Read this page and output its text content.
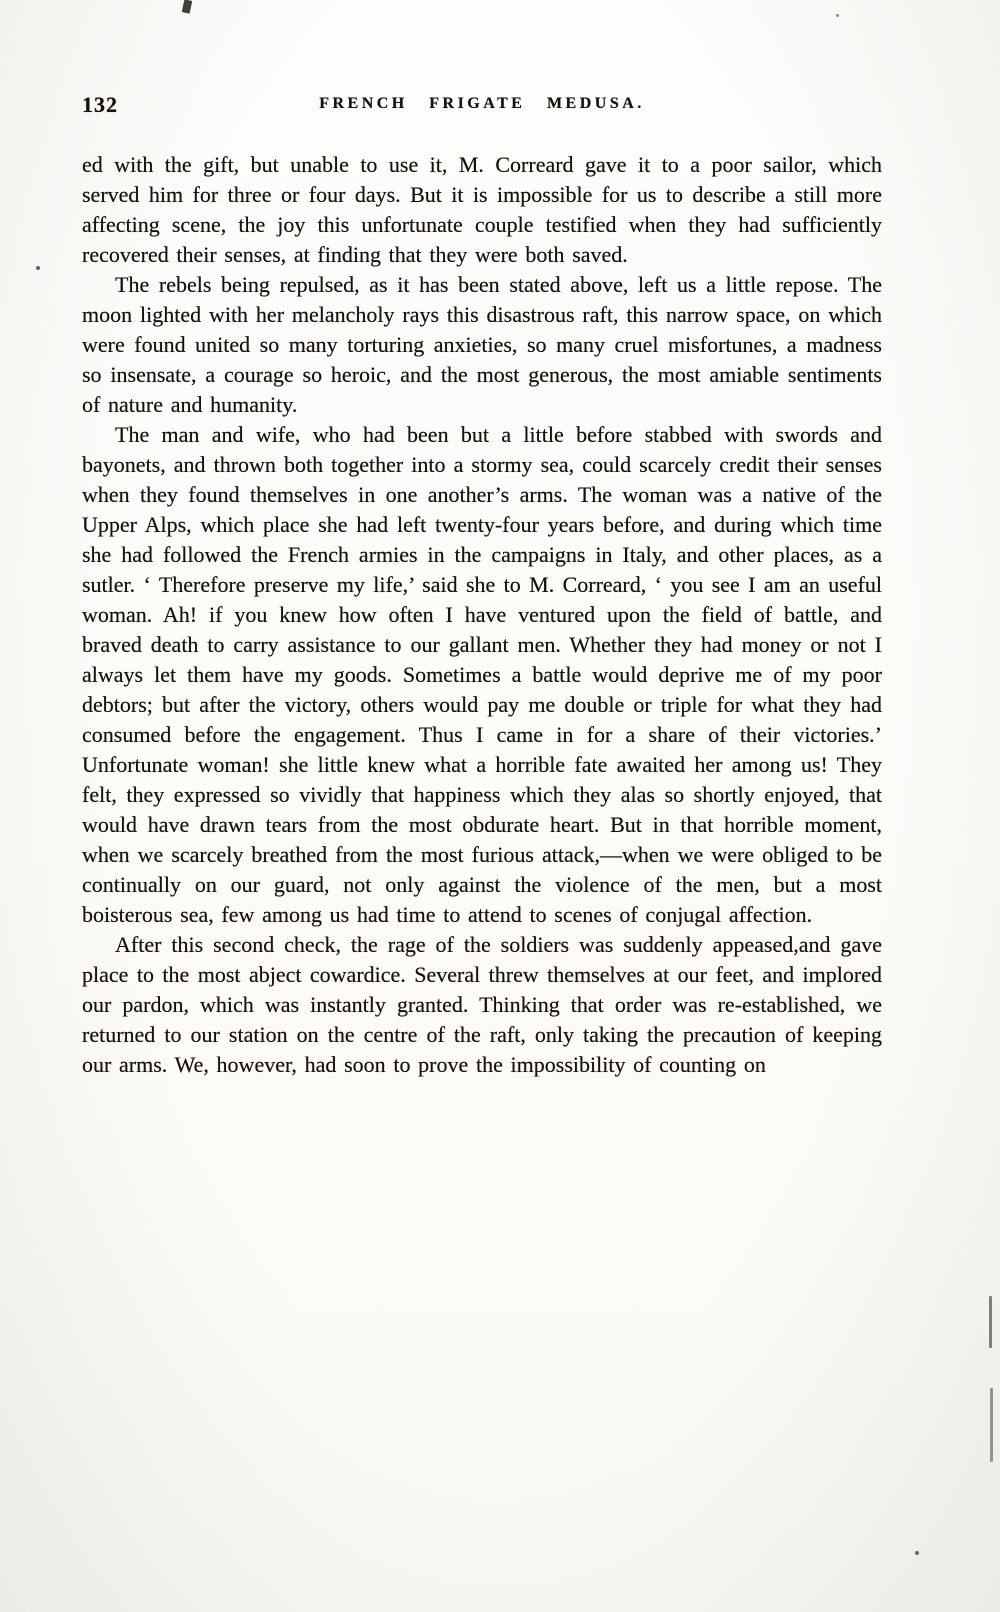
132	FRENCH FRIGATE MEDUSA.

ed with the gift, but unable to use it, M. Correard gave it to a poor sailor, which served him for three or four days. But it is impossible for us to describe a still more affecting scene, the joy this unfortunate couple testified when they had sufficiently recovered their senses, at finding that they were both saved.

The rebels being repulsed, as it has been stated above, left us a little repose. The moon lighted with her melancholy rays this disastrous raft, this narrow space, on which were found united so many torturing anxieties, so many cruel misfortunes, a madness so insensate, a courage so heroic, and the most generous, the most amiable sentiments of nature and humanity.

The man and wife, who had been but a little before stabbed with swords and bayonets, and thrown both together into a stormy sea, could scarcely credit their senses when they found themselves in one another’s arms. The woman was a native of the Upper Alps, which place she had left twenty-four years before, and during which time she had followed the French armies in the campaigns in Italy, and other places, as a sutler. ‘ Therefore preserve my life,’ said she to M. Correard, ‘ you see I am an useful woman. Ah! if you knew how often I have ventured upon the field of battle, and braved death to carry assistance to our gallant men. Whether they had money or not I always let them have my goods. Sometimes a battle would deprive me of my poor debtors; but after the victory, others would pay me double or triple for what they had consumed before the engagement. Thus I came in for a share of their victories.’ Unfortunate woman! she little knew what a horrible fate awaited her among us! They felt, they expressed so vividly that happiness which they alas so shortly enjoyed, that would have drawn tears from the most obdurate heart. But in that horrible moment, when we scarcely breathed from the most furious attack,—when we were obliged to be continually on our guard, not only against the violence of the men, but a most boisterous sea, few among us had time to attend to scenes of conjugal affection.

After this second check, the rage of the soldiers was suddenly appeased,and gave place to the most abject cowardice. Several threw themselves at our feet, and implored our pardon, which was instantly granted. Thinking that order was re-established, we returned to our station on the centre of the raft, only taking the precaution of keeping our arms. We, however, had soon to prove the impossibility of counting on
